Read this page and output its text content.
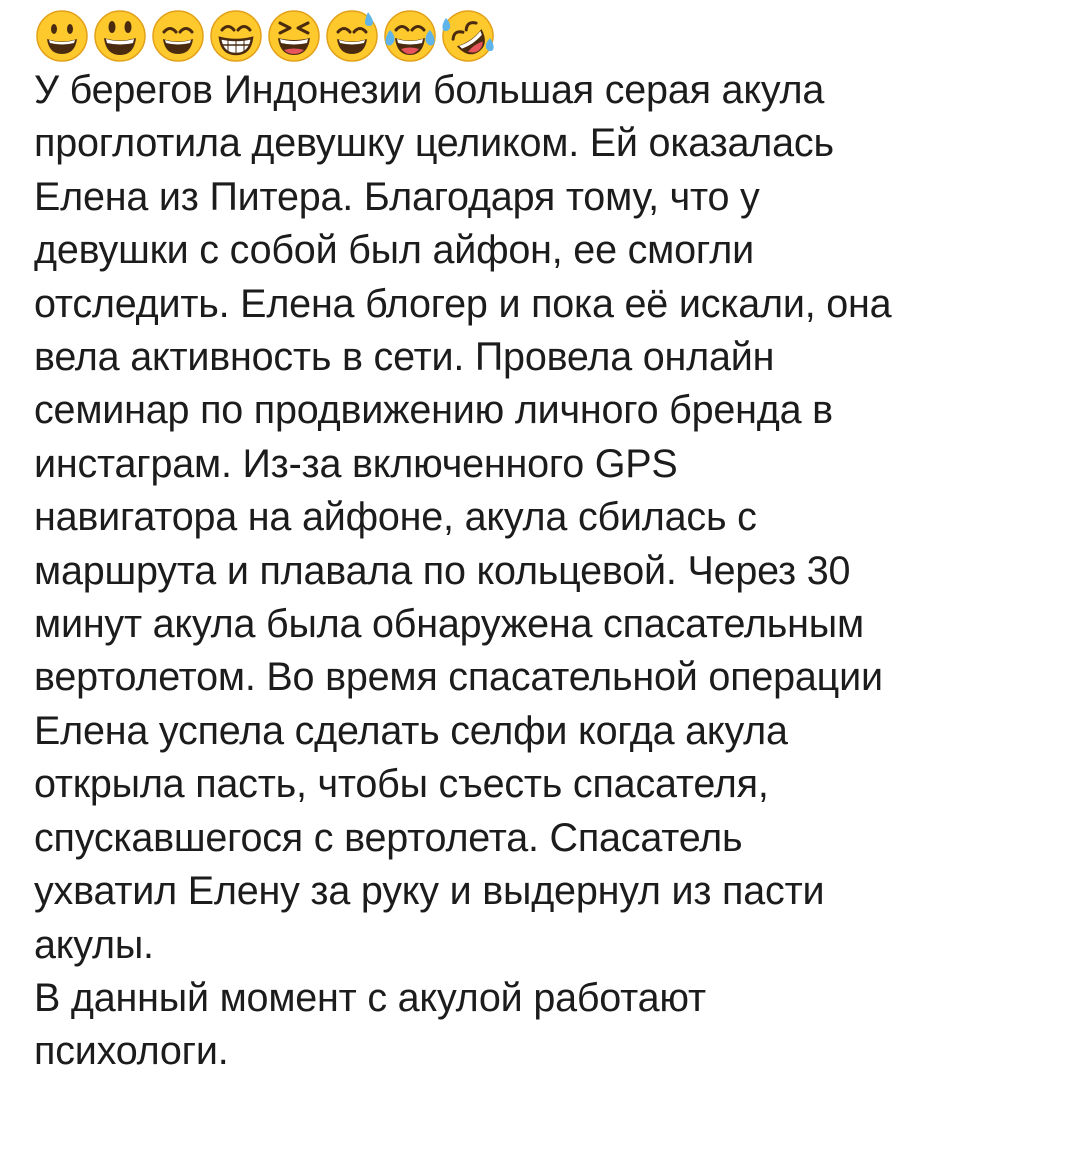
У берегов Индонезии большая серая акула
проглотила девушку целиком. Ей оказалась
Елена из Питера. Благодаря тому, что у
девушки с собой был айфон, ее смогли
отследить. Елена блогер и пока её искали, она
вела активность в сети. Провела онлайн
семинар по продвижению личного бренда в
инстаграм. Из-за включенного GPS
навигатора на айфоне, акула сбилась с
маршрута и плавала по кольцевой. Через 30
минут акула была обнаружена спасательным
вертолетом. Во время спасательной операции
Елена успела сделать селфи когда акула
открыла пасть, чтобы съесть спасателя,
спускавшегося с вертолета. Спасатель
ухватил Елену за руку и выдернул из пасти
акулы.
В данный момент с акулой работают
психологи.
